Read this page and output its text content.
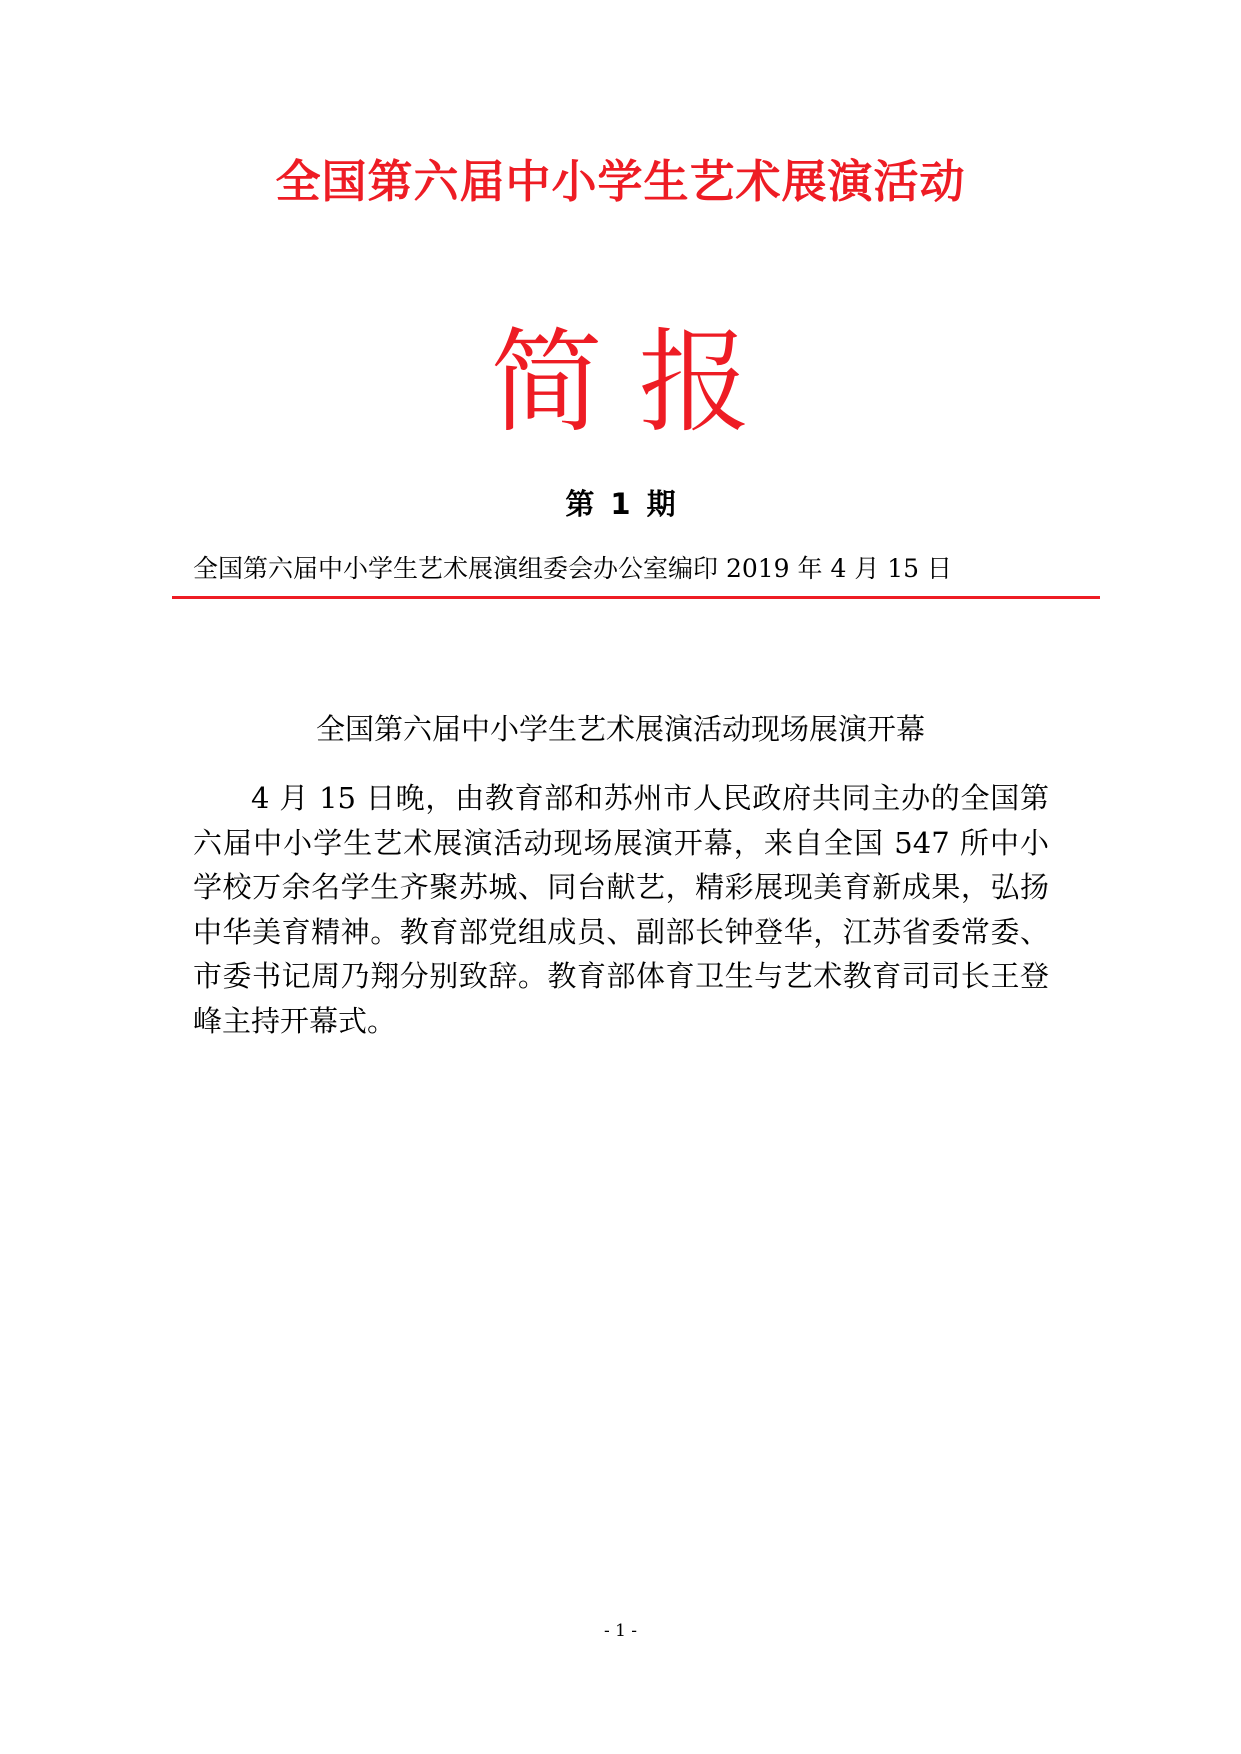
全国第六届中小学生艺术展演活动
简报
第 1 期
全国第六届中小学生艺术展演组委会办公室编印 2019 年 4 月 15 日
全国第六届中小学生艺术展演活动现场展演开幕

4 月 15 日晚，由教育部和苏州市人民政府共同主办的全国第六届中小学生艺术展演活动现场展演开幕，来自全国 547 所中小学校万余名学生齐聚苏城、同台献艺，精彩展现美育新成果，弘扬中华美育精神。教育部党组成员、副部长钟登华，江苏省委常委、市委书记周乃翔分别致辞。教育部体育卫生与艺术教育司司长王登峰主持开幕式。

- 1 -
